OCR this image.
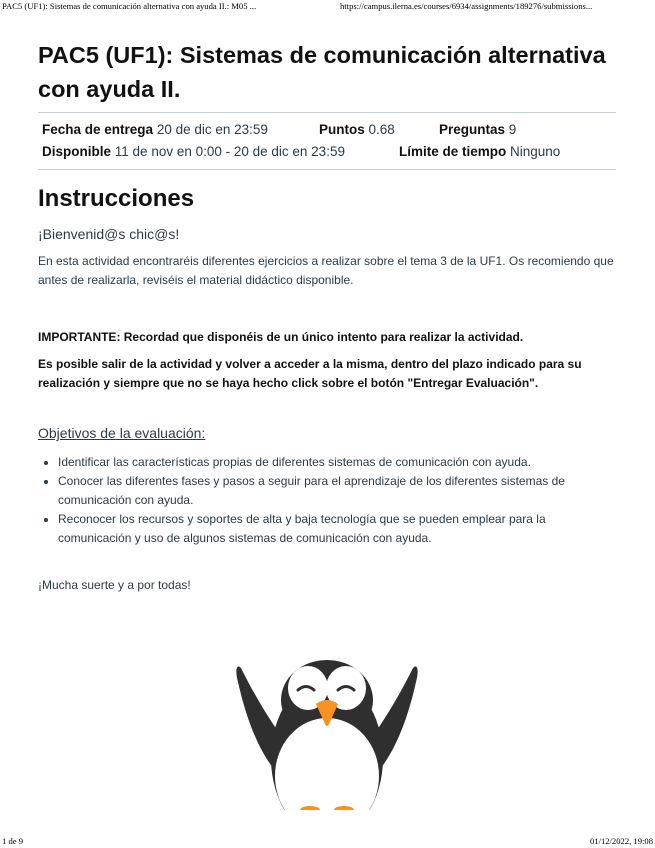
PAC5 (UF1): Sistemas de comunicación alternativa con ayuda II.: M05 ...	https://campus.ilerna.es/courses/6934/assignments/189276/submissions...
PAC5 (UF1): Sistemas de comunicación alternativa con ayuda II.
Fecha de entrega 20 de dic en 23:59	Puntos 0.68	Preguntas 9
Disponible 11 de nov en 0:00 - 20 de dic en 23:59	Límite de tiempo Ninguno
Instrucciones

¡Bienvenid@s chic@s!

En esta actividad encontraréis diferentes ejercicios a realizar sobre el tema 3 de la UF1. Os recomiendo que antes de realizarla, reviséis el material didáctico disponible.

IMPORTANTE: Recordad que disponéis de un único intento para realizar la actividad.

Es posible salir de la actividad y volver a acceder a la misma, dentro del plazo indicado para su realización y siempre que no se haya hecho click sobre el botón "Entregar Evaluación".

Objetivos de la evaluación:

• Identificar las características propias de diferentes sistemas de comunicación con ayuda.
• Conocer las diferentes fases y pasos a seguir para el aprendizaje de los diferentes sistemas de comunicación con ayuda.
• Reconocer los recursos y soportes de alta y baja tecnología que se pueden emplear para la comunicación y uso de algunos sistemas de comunicación con ayuda.

¡Mucha suerte y a por todas!

1 de 9	01/12/2022, 19:08
